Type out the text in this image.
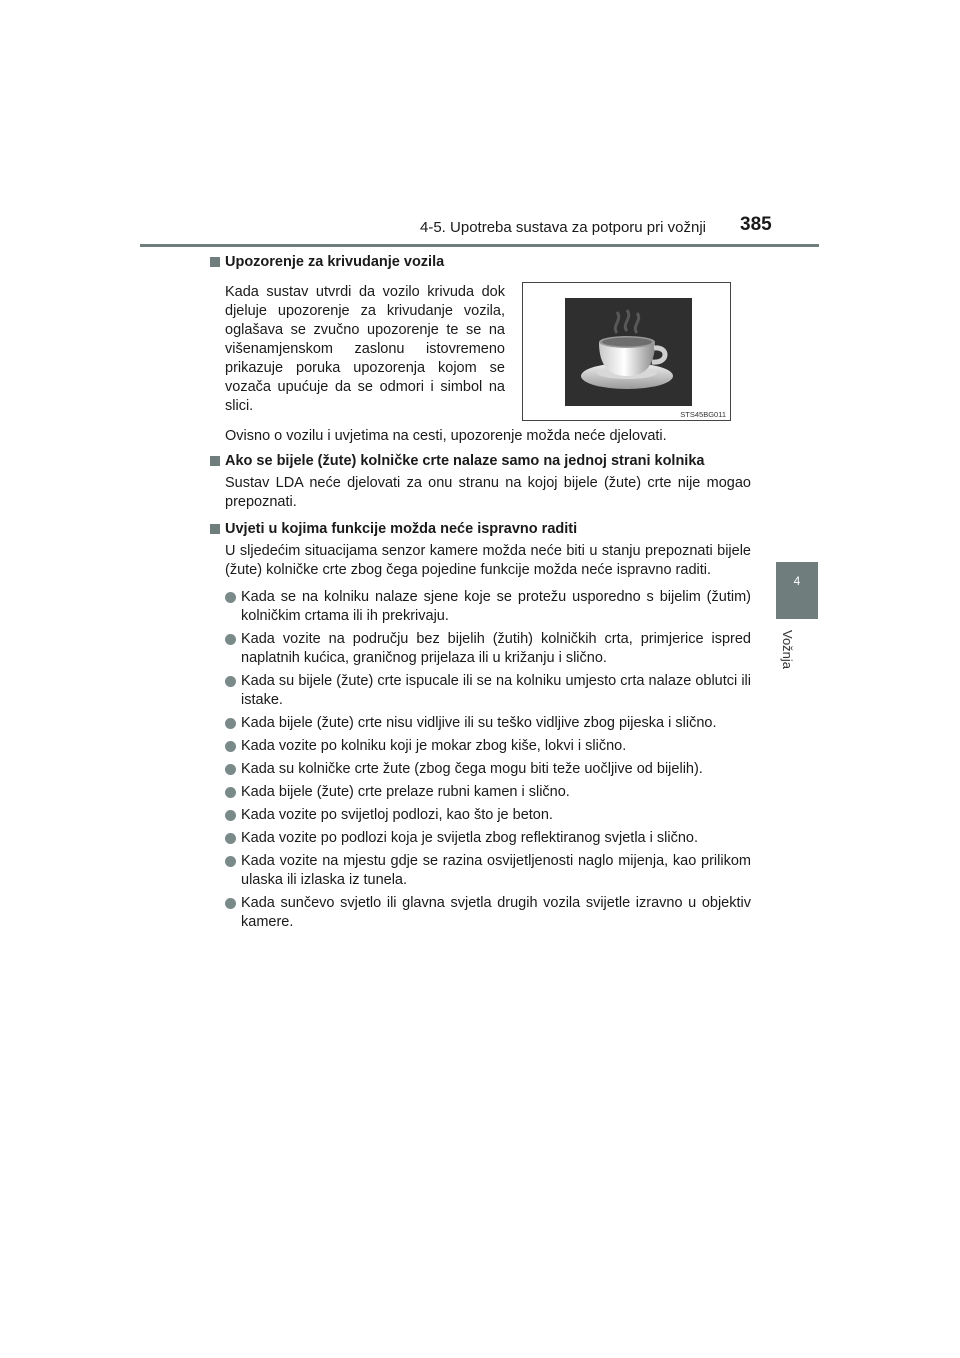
4-5. Upotreba sustava za potporu pri vožnji 385
4
Vožnja
STS45BG011

Upozorenje za krivudanje vozila

Kada sustav utvrdi da vozilo krivuda dok djeluje upozorenje za krivudanje vozila, oglašava se zvučno upozorenje te se na višenamjenskom zaslonu istovremeno prikazuje poruka upozorenja kojom se vozača upućuje da se odmori i simbol na slici.

Ovisno o vozilu i uvjetima na cesti, upozorenje možda neće djelovati.

Ako se bijele (žute) kolničke crte nalaze samo na jednoj strani kolnika

Sustav LDA neće djelovati za onu stranu na kojoj bijele (žute) crte nije mogao prepoznati.

Uvjeti u kojima funkcije možda neće ispravno raditi

U sljedećim situacijama senzor kamere možda neće biti u stanju prepoznati bijele (žute) kolničke crte zbog čega pojedine funkcije možda neće ispravno raditi.

Kada se na kolniku nalaze sjene koje se protežu usporedno s bijelim (žutim) kolničkim crtama ili ih prekrivaju.

Kada vozite na području bez bijelih (žutih) kolničkih crta, primjerice ispred naplatnih kućica, graničnog prijelaza ili u križanju i slično.

Kada su bijele (žute) crte ispucale ili se na kolniku umjesto crta nalaze oblutci ili istake.

Kada bijele (žute) crte nisu vidljive ili su teško vidljive zbog pijeska i slično.

Kada vozite po kolniku koji je mokar zbog kiše, lokvi i slično.

Kada su kolničke crte žute (zbog čega mogu biti teže uočljive od bijelih).

Kada bijele (žute) crte prelaze rubni kamen i slično.

Kada vozite po svijetloj podlozi, kao što je beton.

Kada vozite po podlozi koja je svijetla zbog reflektiranog svjetla i slično.

Kada vozite na mjestu gdje se razina osvijetljenosti naglo mijenja, kao prilikom ulaska ili izlaska iz tunela.

Kada sunčevo svjetlo ili glavna svjetla drugih vozila svijetle izravno u objektiv kamere.
